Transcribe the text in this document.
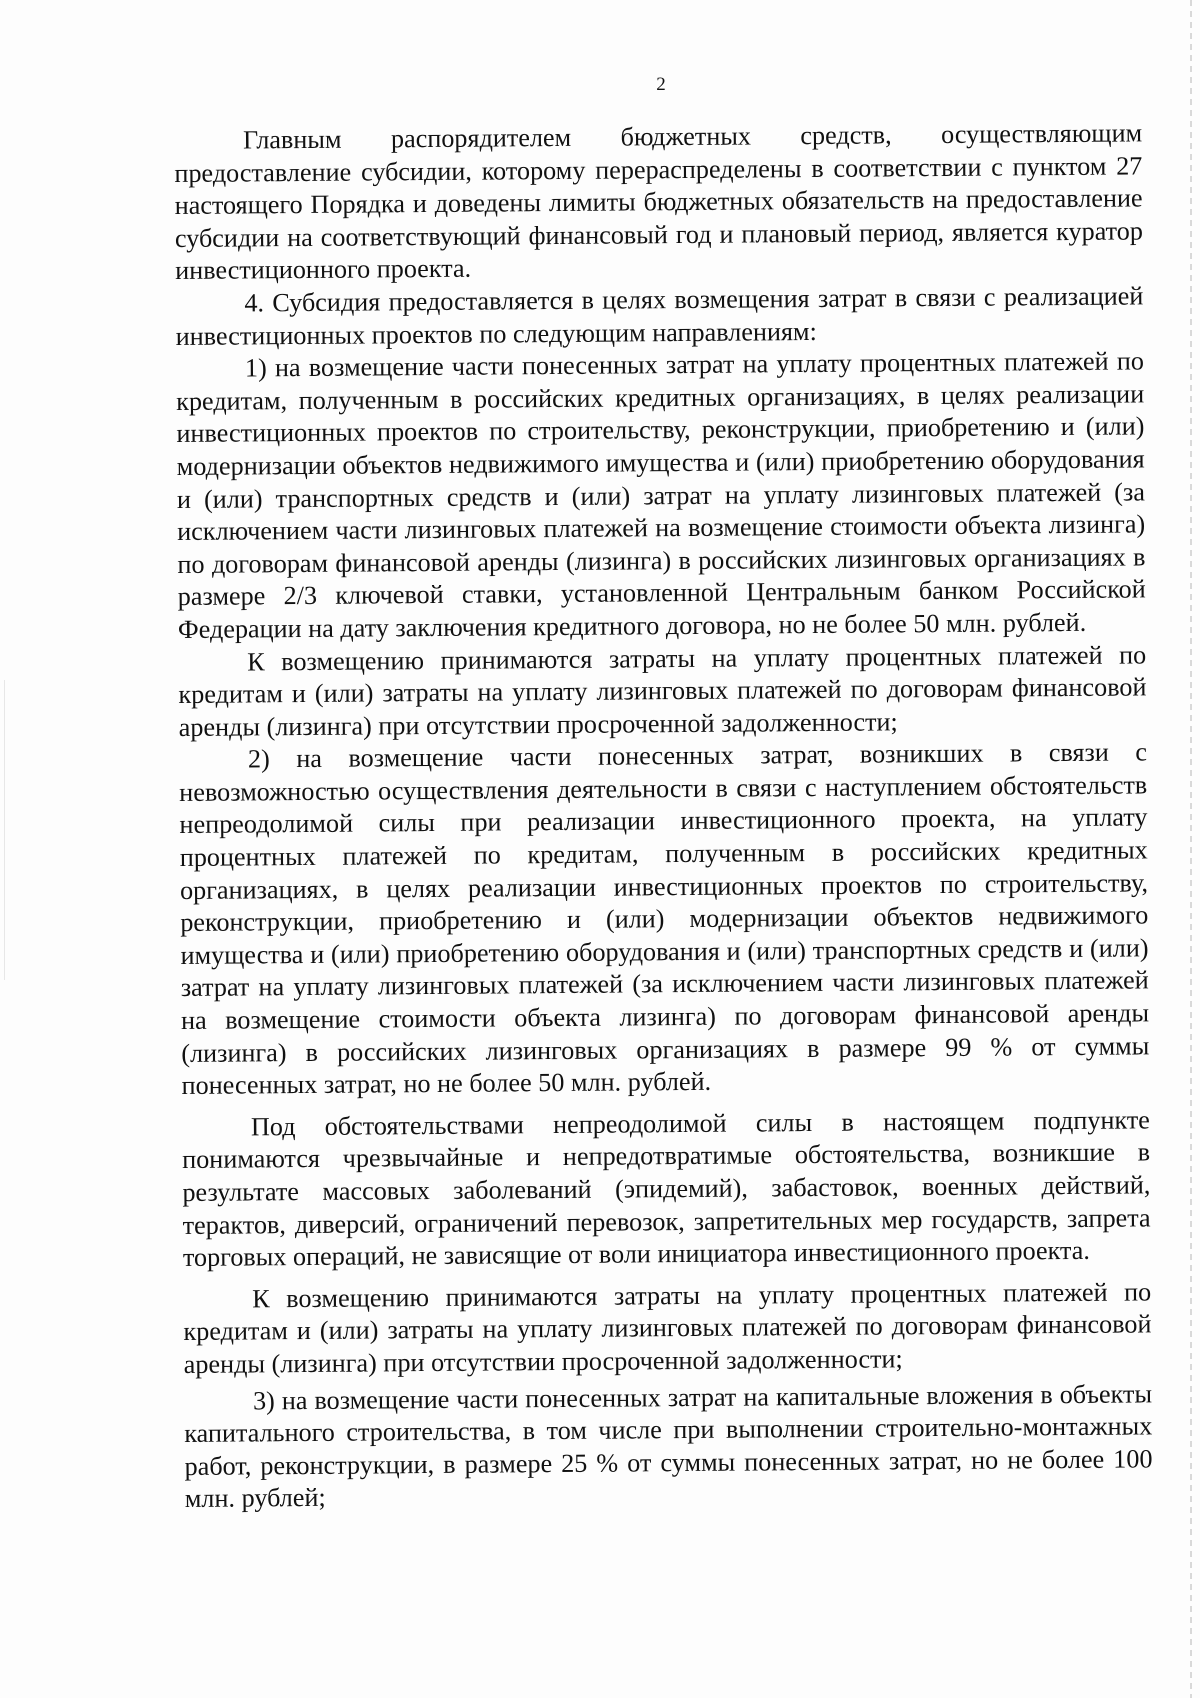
2

Главным распорядителем бюджетных средств, осуществляющим предоставление субсидии, которому перераспределены в соответствии с пунктом 27 настоящего Порядка и доведены лимиты бюджетных обязательств на предоставление субсидии на соответствующий финансовый год и плановый период, является куратор инвестиционного проекта.

4. Субсидия предоставляется в целях возмещения затрат в связи с реализацией инвестиционных проектов по следующим направлениям:

1) на возмещение части понесенных затрат на уплату процентных платежей по кредитам, полученным в российских кредитных организациях, в целях реализации инвестиционных проектов по строительству, реконструкции, приобретению и (или) модернизации объектов недвижимого имущества и (или) приобретению оборудования и (или) транспортных средств и (или) затрат на уплату лизинговых платежей (за исключением части лизинговых платежей на возмещение стоимости объекта лизинга) по договорам финансовой аренды (лизинга) в российских лизинговых организациях в размере 2/3 ключевой ставки, установленной Центральным банком Российской Федерации на дату заключения кредитного договора, но не более 50 млн. рублей.

К возмещению принимаются затраты на уплату процентных платежей по кредитам и (или) затраты на уплату лизинговых платежей по договорам финансовой аренды (лизинга) при отсутствии просроченной задолженности;

2) на возмещение части понесенных затрат, возникших в связи с невозможностью осуществления деятельности в связи с наступлением обстоятельств непреодолимой силы при реализации инвестиционного проекта, на уплату процентных платежей по кредитам, полученным в российских кредитных организациях, в целях реализации инвестиционных проектов по строительству, реконструкции, приобретению и (или) модернизации объектов недвижимого имущества и (или) приобретению оборудования и (или) транспортных средств и (или) затрат на уплату лизинговых платежей (за исключением части лизинговых платежей на возмещение стоимости объекта лизинга) по договорам финансовой аренды (лизинга) в российских лизинговых организациях в размере 99 % от суммы понесенных затрат, но не более 50 млн. рублей.

Под обстоятельствами непреодолимой силы в настоящем подпункте понимаются чрезвычайные и непредотвратимые обстоятельства, возникшие в результате массовых заболеваний (эпидемий), забастовок, военных действий, терактов, диверсий, ограничений перевозок, запретительных мер государств, запрета торговых операций, не зависящие от воли инициатора инвестиционного проекта.

К возмещению принимаются затраты на уплату процентных платежей по кредитам и (или) затраты на уплату лизинговых платежей по договорам финансовой аренды (лизинга) при отсутствии просроченной задолженности;

3) на возмещение части понесенных затрат на капитальные вложения в объекты капитального строительства, в том числе при выполнении строительно-монтажных работ, реконструкции, в размере 25 % от суммы понесенных затрат, но не более 100 млн. рублей;
